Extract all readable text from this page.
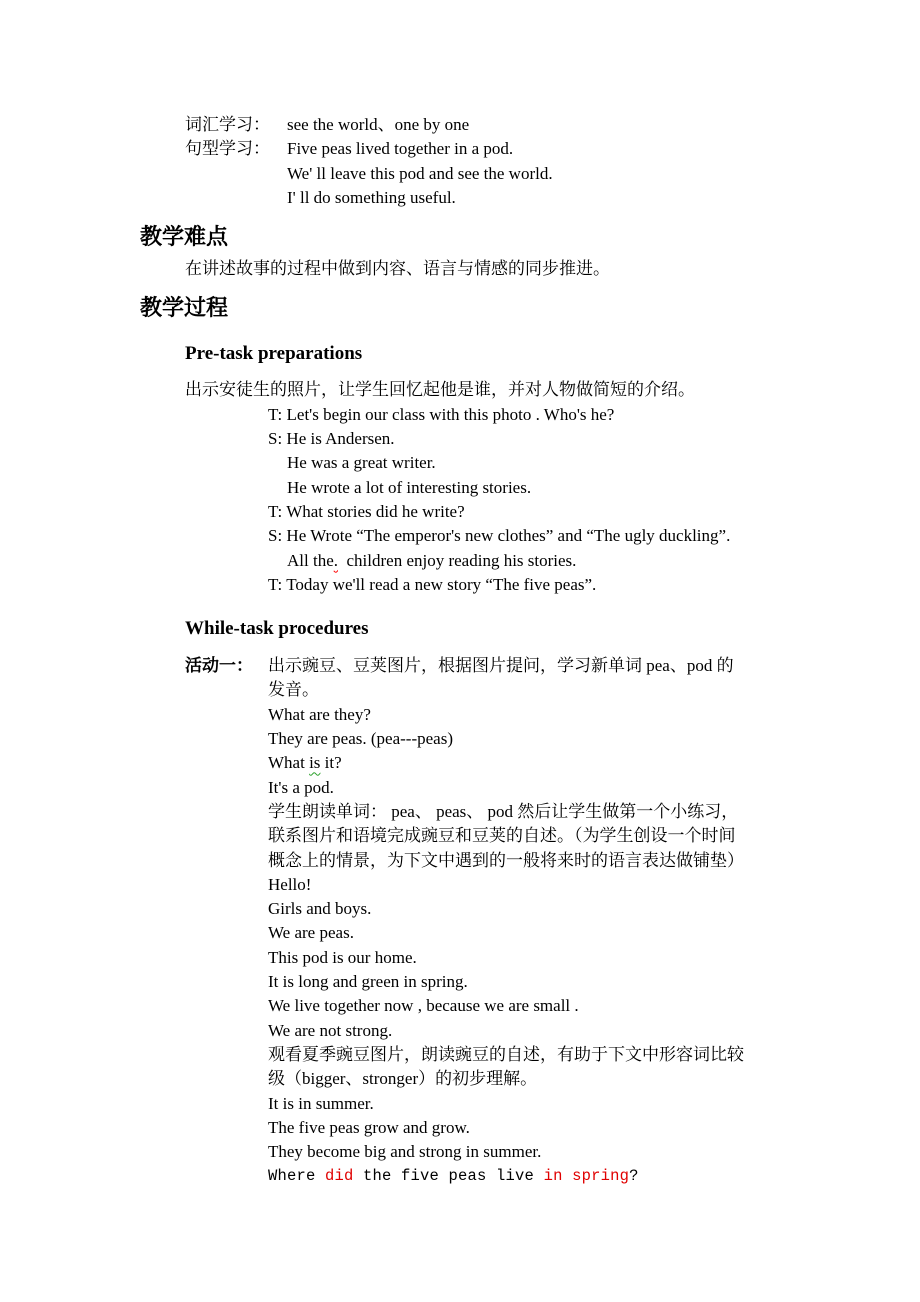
词汇学习：	see the world、one by one
句型学习：	Five peas lived together in a pod.
We' ll leave this pod and see the world.
I' ll do something useful.
教学难点

在讲述故事的过程中做到内容、语言与情感的同步推进。

教学过程
Pre-task preparations

出示安徒生的照片，让学生回忆起他是谁，并对人物做简短的介绍。

T: Let's begin our class with this photo . Who's he?
S: He is Andersen.
He was a great writer.
He wrote a lot of interesting stories.
T: What stories did he write?
S: He Wrote “The emperor's new clothes” and “The ugly duckling”.
All the.  children enjoy reading his stories.
T: Today we'll read a new story “The five peas”.
While-task procedures
活动一： 出示豌豆、豆荚图片，根据图片提问，学习新单词 pea、pod 的
发音。
What are they?
They are peas. (pea---peas)
What is it?
It's a pod.
学生朗读单词： pea、 peas、 pod 然后让学生做第一个小练习，
联系图片和语境完成豌豆和豆荚的自述。（为学生创设一个时间
概念上的情景，为下文中遇到的一般将来时的语言表达做铺垫）
Hello!
Girls and boys.
We are peas.
This pod is our home.
It is long and green in spring.
We live together now , because we are small .
We are not strong.
观看夏季豌豆图片，朗读豌豆的自述，有助于下文中形容词比较
级（bigger、stronger）的初步理解。
It is in summer.
The five peas grow and grow.
They become big and strong in summer.
Where did the five peas live in spring?
